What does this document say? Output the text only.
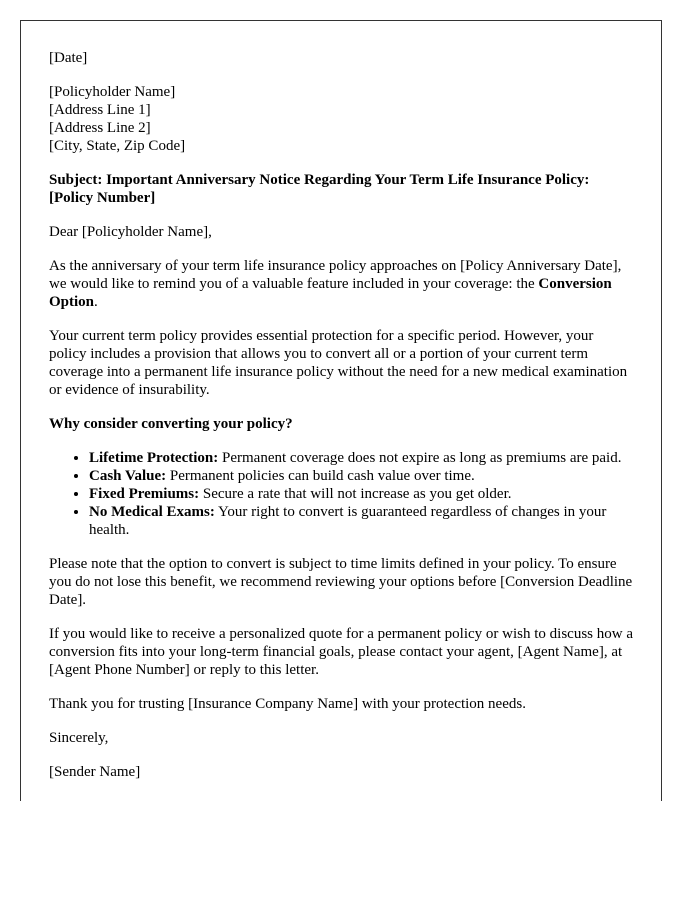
[Date]

[Policyholder Name]
[Address Line 1]
[Address Line 2]
[City, State, Zip Code]

Subject: Important Anniversary Notice Regarding Your Term Life Insurance Policy: [Policy Number]

Dear [Policyholder Name],

As the anniversary of your term life insurance policy approaches on [Policy Anniversary Date], we would like to remind you of a valuable feature included in your coverage: the Conversion Option.

Your current term policy provides essential protection for a specific period. However, your policy includes a provision that allows you to convert all or a portion of your current term coverage into a permanent life insurance policy without the need for a new medical examination or evidence of insurability.

Why consider converting your policy?

• Lifetime Protection: Permanent coverage does not expire as long as premiums are paid.
• Cash Value: Permanent policies can build cash value over time.
• Fixed Premiums: Secure a rate that will not increase as you get older.
• No Medical Exams: Your right to convert is guaranteed regardless of changes in your health.

Please note that the option to convert is subject to time limits defined in your policy. To ensure you do not lose this benefit, we recommend reviewing your options before [Conversion Deadline Date].

If you would like to receive a personalized quote for a permanent policy or wish to discuss how a conversion fits into your long-term financial goals, please contact your agent, [Agent Name], at [Agent Phone Number] or reply to this letter.

Thank you for trusting [Insurance Company Name] with your protection needs.

Sincerely,

[Sender Name]
